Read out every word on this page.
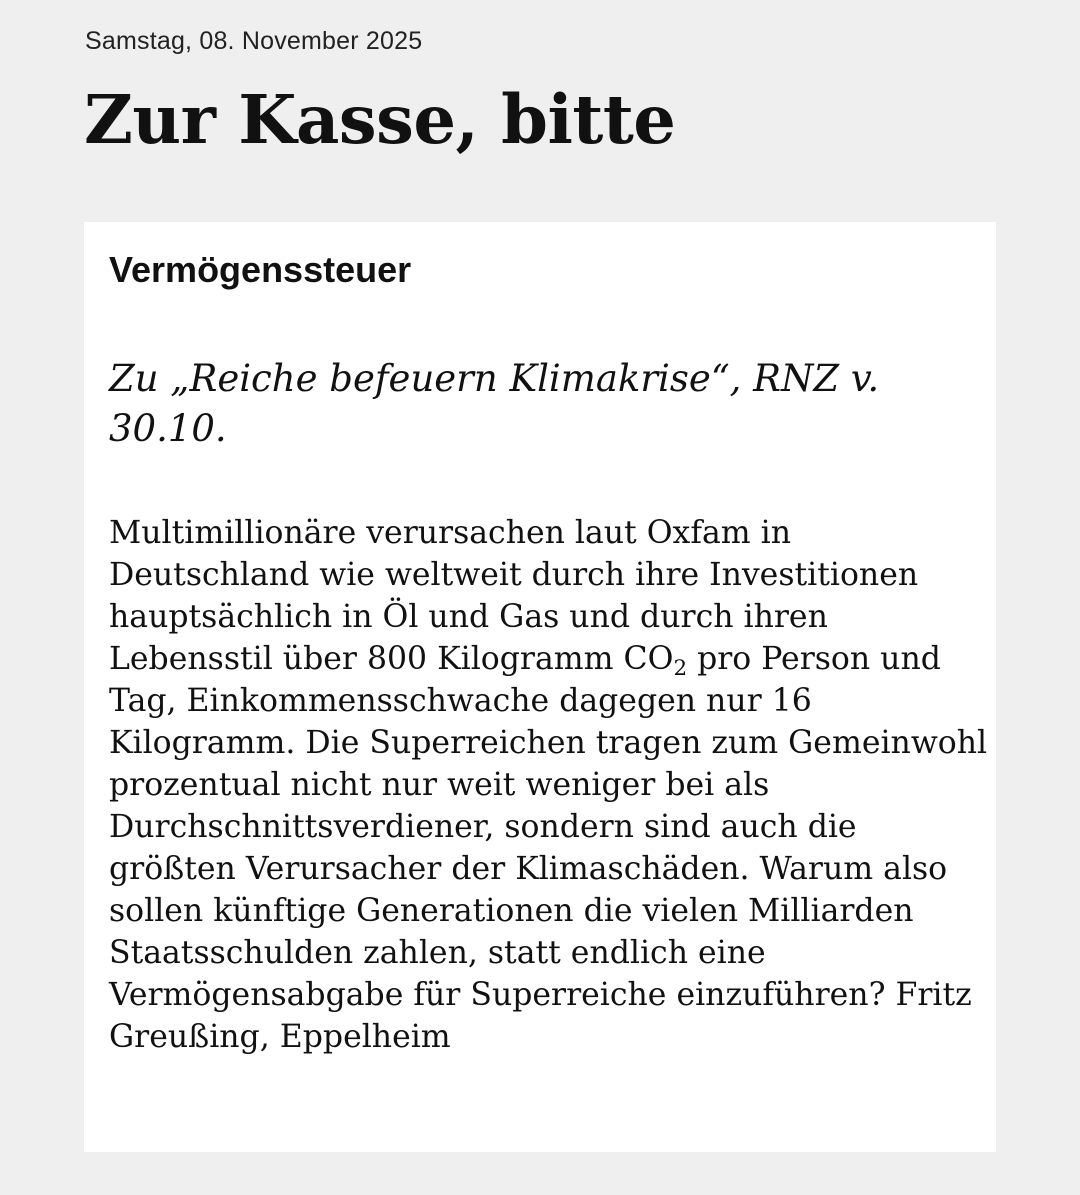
Samstag, 08. November 2025
Zur Kasse, bitte
Vermögenssteuer
Zu „Reiche befeuern Klimakrise“, RNZ v. 30.10.

Multimillionäre verursachen laut Oxfam in Deutschland wie weltweit durch ihre Investitionen hauptsächlich in Öl und Gas und durch ihren Lebensstil über 800 Kilogramm $CO_2$ pro Person und Tag, Einkommensschwache dagegen nur 16 Kilogramm. Die Superreichen tragen zum Gemeinwohl prozentual nicht nur weit weniger bei als Durchschnittsverdiener, sondern sind auch die größten Verursacher der Klimaschäden. Warum also sollen künftige Generationen die vielen Milliarden Staatsschulden zahlen, statt endlich eine Vermögensabgabe für Superreiche einzuführen? Fritz Greußing, Eppelheim
